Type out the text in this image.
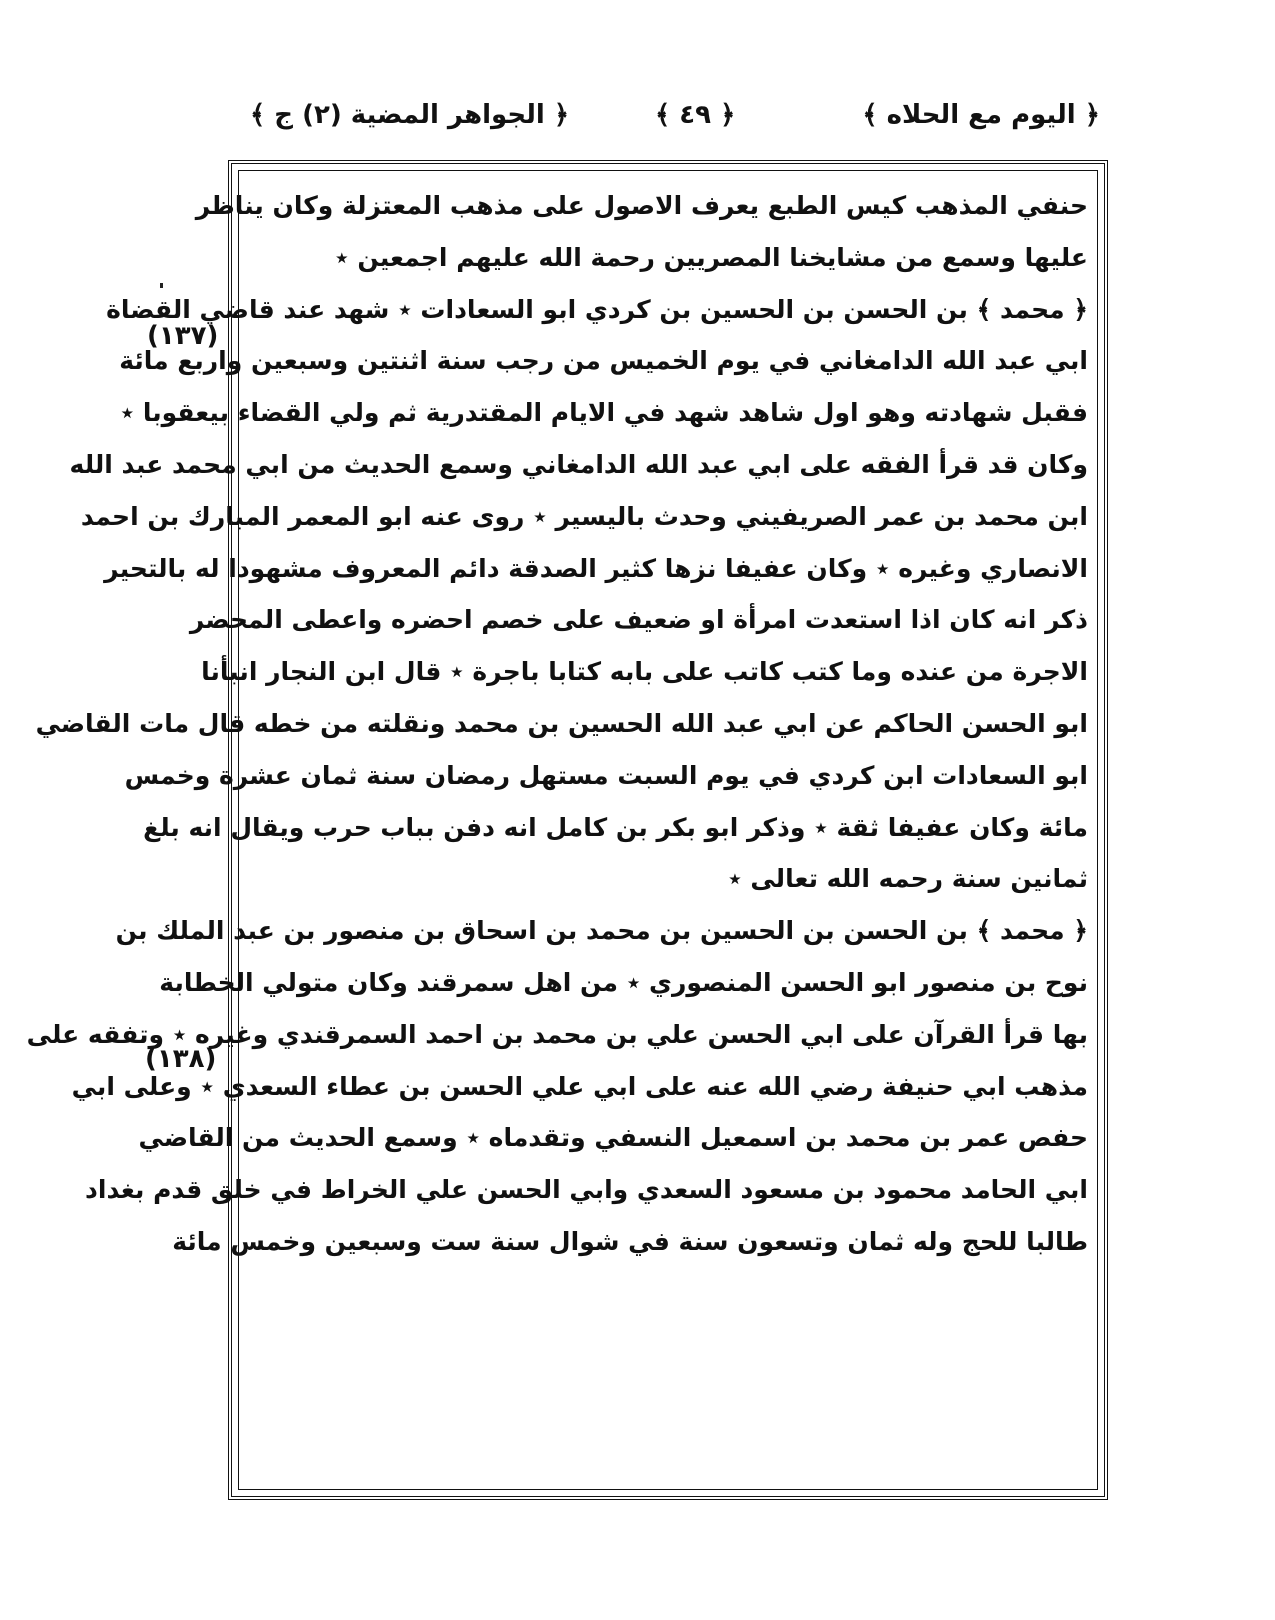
﴿ اليوم مع الحلاه ﴾
﴿ ٤٩ ﴾
﴿ الجواهر المضية (٢) ج ﴾
(١٣٧)
(١٣٨)
حنفي المذهب كيس الطبع يعرف الاصول على مذهب المعتزلة وكان يناظر
عليها وسمع من مشايخنا المصريين رحمة الله عليهم اجمعين ٭
﴿ محمد ﴾ بن الحسن بن الحسين بن كردي ابو السعادات ٭ شهد عند قاضي القضاة
ابي عبد الله الدامغاني في يوم الخميس من رجب سنة اثنتين وسبعين واربع مائة
فقبل شهادته وهو اول شاهد شهد في الايام المقتدرية ثم ولي القضاء بيعقوبا ٭
وكان قد قرأ الفقه على ابي عبد الله الدامغاني وسمع الحديث من ابي محمد عبد الله
ابن محمد بن عمر الصريفيني وحدث باليسير ٭ روى عنه ابو المعمر المبارك بن احمد
الانصاري وغيره ٭ وكان عفيفا نزها كثير الصدقة دائم المعروف مشهودا له بالتحير
ذكر انه كان اذا استعدت امرأة او ضعيف على خصم احضره واعطى المحضر
الاجرة من عنده وما كتب كاتب على بابه كتابا باجرة ٭ قال ابن النجار انبأنا
ابو الحسن الحاكم عن ابي عبد الله الحسين بن محمد ونقلته من خطه قال مات القاضي
ابو السعادات ابن كردي في يوم السبت مستهل رمضان سنة ثمان عشرة وخمس
مائة وكان عفيفا ثقة ٭ وذكر ابو بكر بن كامل انه دفن بباب حرب ويقال انه بلغ
ثمانين سنة رحمه الله تعالى ٭
﴿ محمد ﴾ بن الحسن بن الحسين بن محمد بن اسحاق بن منصور بن عبد الملك بن
نوح بن منصور ابو الحسن المنصوري ٭ من اهل سمرقند وكان متولي الخطابة
بها قرأ القرآن على ابي الحسن علي بن محمد بن احمد السمرقندي وغيره ٭ وتفقه على
مذهب ابي حنيفة رضي الله عنه على ابي علي الحسن بن عطاء السعدي ٭ وعلى ابي
حفص عمر بن محمد بن اسمعيل النسفي وتقدماه ٭ وسمع الحديث من القاضي
ابي الحامد محمود بن مسعود السعدي وابي الحسن علي الخراط في خلق قدم بغداد
طالبا للحج وله ثمان وتسعون سنة في شوال سنة ست وسبعين وخمس مائة
